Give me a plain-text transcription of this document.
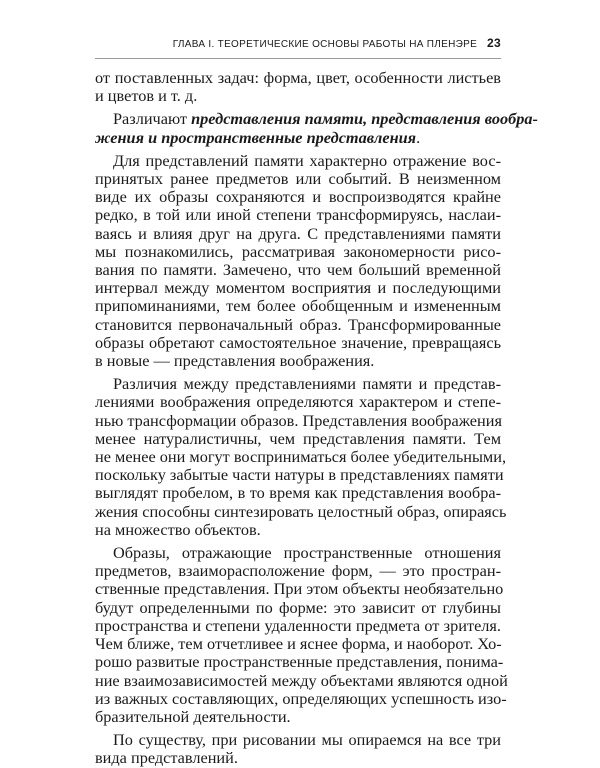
ГЛАВА I. ТЕОРЕТИЧЕСКИЕ ОСНОВЫ РАБОТЫ НА ПЛЕНЭРЕ 23
от поставленных задач: форма, цвет, особенности листьев
и цветов и т. д.
Различают представления памяти, представления вообра-
жения и пространственные представления.
Для представлений памяти характерно отражение вос-
принятых ранее предметов или событий. В неизменном
виде их образы сохраняются и воспроизводятся крайне
редко, в той или иной степени трансформируясь, наслаи-
ваясь и влияя друг на друга. С представлениями памяти
мы познакомились, рассматривая закономерности рисо-
вания по памяти. Замечено, что чем больший временной
интервал между моментом восприятия и последующими
припоминаниями, тем более обобщенным и измененным
становится первоначальный образ. Трансформированные
образы обретают самостоятельное значение, превращаясь
в новые — представления воображения.
Различия между представлениями памяти и представ-
лениями воображения определяются характером и степе-
нью трансформации образов. Представления воображения
менее натуралистичны, чем представления памяти. Тем
не менее они могут восприниматься более убедительными,
поскольку забытые части натуры в представлениях памяти
выглядят пробелом, в то время как представления вообра-
жения способны синтезировать целостный образ, опираясь
на множество объектов.
Образы, отражающие пространственные отношения
предметов, взаиморасположение форм, — это простран-
ственные представления. При этом объекты необязательно
будут определенными по форме: это зависит от глубины
пространства и степени удаленности предмета от зрителя.
Чем ближе, тем отчетливее и яснее форма, и наоборот. Хо-
рошо развитые пространственные представления, понима-
ние взаимозависимостей между объектами являются одной
из важных составляющих, определяющих успешность изо-
бразительной деятельности.
По существу, при рисовании мы опираемся на все три
вида представлений.
